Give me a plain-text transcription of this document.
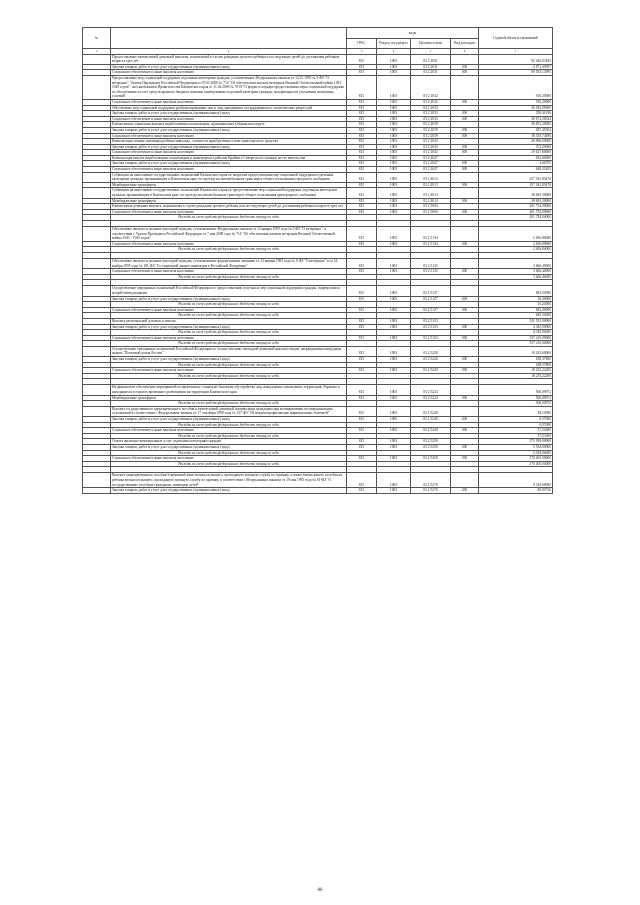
№		коды				Годовой объем ассигнований
		ГРБС	Раздел, под-раздел	Целевая статья	Вид расходов	
1	2	3	4	5	6	7
	Предоставление ежемесячной денежной выплаты, назначаемой в случае рождения третьего ребенка и последующих детей до достижения ребенком возраста трех лет	815	1003	03 2 2031		92 436,03182
	Закупка товаров, работ и услуг для государственных (муниципальных) нужд	815	1003	03 2 2031	200	2 871,49187
	Социальное обеспечение и иные выплаты населению	815	1003	03 2 2031	300	89 565,13995
	Предоставление мер социальной поддержки отдельным категориям граждан, установленных Федеральным законом от 12.01.1995 № 5-ФЗ "О ветеранах", Указом Президента Российской Федерации от 07.05.2008 № 714 "Об обеспечении жильем ветеранов Великой Отечественной войны 1941-1945 годов", постановлением Правительства Камчатского края от 11.02.2009 № 70-П "О форме и порядке предоставления меры социальной поддержки по обеспечению за счет средств краевого бюджета жилыми помещениями отдельной категории граждан, нуждающихся в улучшении жилищных условий"	815	1003	03 2 2032		910,20000
	Социальное обеспечение и иные выплаты населению	815	1003	03 2 2032	300	910,20000
	Обеспечение мер социальной поддержки реабилитированных лиц и лиц, признанных пострадавшими от политических репрессий	815	1003	03 2 2033		20 925,00000
	Закупка товаров, работ и услуг для государственных (муниципальных) нужд	815	1003	03 2 2033	200	250,41656
	Социальное обеспечение и иные выплаты населению	815	1003	03 2 2033	300	20 674,58344
	Ежемесячная социальная выплата неработающим пенсионерам, проживающим в Корякском округе	815	1003	03 2 2039		38 853,20000
	Закупка товаров, работ и услуг для государственных (муниципальных) нужд	815	1003	03 2 2039	200	497,45504
	Социальное обеспечение и иные выплаты населению	815	1003	03 2 2039	300	38 355,74496
	Компенсация семьям, имеющим ребенка-инвалида, стоимости приобретенного ими транспортного средства	815	1003	03 2 2043		40 000,00000
	Закупка товаров, работ и услуг для государственных (муниципальных) нужд	815	1003	03 2 2043	200	372,20000
	Социальное обеспечение и иные выплаты населению	815	1003	03 2 2043	300	39 627,80000
	Компенсация выплат неработающим пенсионерам и инвалидам из районов Крайнего Севера на постоянное место жительства	815	1003	03 2 2047		652,00000
	Закупка товаров, работ и услуг для государственных (муниципальных) нужд	815	1003	03 2 2047	200	2,66795
	Социальное обеспечение и иные выплаты населению	815	1003	03 2 2047	300	649,33205
	Субвенции на выполнение государственных полномочий Камчатского края по вопросам предоставления мер социальной поддержки отдельным категориям граждан, проживающим в Камчатском крае, по проезду на автомобильном транспорте общего пользования городского сообщения	815	1003	03 2 4013		257 341,85476
	Межбюджетные трансферты	815	1003	03 2 4013	500	257 341,85476
	Субвенции на выполнение государственных полномочий Камчатского края по предоставлению мер социальной поддержки отдельным категориям граждан, проживающим в Камчатском крае, по проезду на автомобильном транспорте общего пользования пригородного сообщения	815	1003	03 2 4014		38 693,30000
	Межбюджетные трансферты	815	1003	03 2 4014	500	38 693,30000
	Ежемесячная денежная выплата, назначаемая в случае рождения третьего ребенка или последующих детей до достижения ребенком возраста трех лет	815	1003	03 2 5084		201 754,00000
	Социальное обеспечение и иные выплаты населению	815	1003	03 2 5084	300	201 754,00000
	Расходы за счет средств федерального бюджета текущего года					201 754,00000

	Обеспечение жильем отдельных категорий граждан, установленных Федеральным законом от 12 января 1995 года № 5-ФЗ "О ветеранах", в соответствии с Указом Президента Российской Федерации от 7 мая 2008 года № 714 "Об обеспечении жильем ветеранов Великой Отечественной войны 1941 - 1945 годов"	815	1003	03 2 5134		2 656,80000
	Социальное обеспечение и иные выплаты населению	815	1003	03 2 5134	300	2 656,80000
	Расходы за счет средств федерального бюджета текущего года					2 656,80000

	Обеспечение жильем отдельных категорий граждан, установленных федеральными законами от 12 января 1995 года № 5-ФЗ "О ветеранах" и от 24 ноября 1995 года № 181-ФЗ "О социальной защите инвалидов в Российской Федерации"	815	1003	03 2 5135		3 666,40000
	Социальное обеспечение и иные выплаты населению	815	1003	03 2 5135	300	3 666,40000
	Расходы за счет средств федерального бюджета текущего года					3 666,40000

	Осуществление переданных полномочий Российской Федерации по предоставлению отдельных мер социальной поддержки граждан, подвергшихся воздействию радиации	815	1003	03 2 5137		693,50000
	Закупка товаров, работ и услуг для государственных (муниципальных) нужд	815	1003	03 2 5137	200	10,20000
	Расходы за счет средств федерального бюджета текущего года					10,20000
	Социальное обеспечение и иные выплаты населению	815	1003	03 2 5137	300	683,30000
	Расходы за счет средств федерального бюджета текущего года					683,30000
	Выплата региональной доплаты к пенсии	815	1003	03 2 5153		541 555,90000
	Закупка товаров, работ и услуг для государственных (муниципальных) нужд	815	1003	03 2 5153	200	4 345,90000
	Расходы за счет средств федерального бюджета текущего года					4 345,90000
	Социальное обеспечение и иные выплаты населению	815	1003	03 2 5153	300	537 210,00000
	Расходы за счет средств федерального бюджета текущего года					537 210,00000
	Осуществление переданных полномочий Российской Федерации по осуществлению ежегодной денежной выплаты лицам, награжденным нагрудным знаком "Почетный донор России"	815	1003	03 2 5220		18 423,60000
	Закупка товаров, работ и услуг для государственных (муниципальных) нужд	815	1003	03 2 5220	200	188,37800
	Расходы за счет средств федерального бюджета текущего года					188,37800
	Социальное обеспечение и иные выплаты населению	815	1003	03 2 5220	300	18 235,22200
	Расходы за счет средств федерального бюджета текущего года					18 235,22200

	На финансовое обеспечение мероприятий по временному социально-бытовому обустройству лиц, вынужденно покинувших территорию Украины и находящихся в пунктах временного размещения на территории Камчатского края	815	1003	03 2 5224		506,09972
	Межбюджетные трансферты	815	1003	03 2 5224	500	506,09972
	Расходы за счет средств федерального бюджета текущего года					506,09972
	Выплата государственного единовременного пособия и ежемесячной денежной компенсации гражданам при возникновении поствакцинальных осложнений в соответствии с Федеральным законом от 17 сентября 1998 года № 157-ФЗ "Об иммунопрофилактике инфекционных болезней"	815	1003	03 2 5240		38,10000
	Закупка товаров, работ и услуг для государственных (муниципальных) нужд	815	1003	03 2 5240	200	0,57000
	Расходы за счет средств федерального бюджета текущего года					0,57000
	Социальное обеспечение и иные выплаты населению	815	1003	03 2 5240	300	37,53000
	Расходы за счет средств федерального бюджета текущего года					37,53000
	Оплата жилищно-коммунальных услуг отдельным категориям граждан	815	1003	03 2 5250		375 959,00000
	Закупка товаров, работ и услуг для государственных (муниципальных) нужд	815	1003	03 2 5250	200	5 554,00000
	Расходы за счет средств федерального бюджета текущего года					5 554,00000
	Социальное обеспечение и иные выплаты населению	815	1003	03 2 5250	300	370 405,00000
	Расходы за счет средств федерального бюджета текущего года					370 405,00000

	Выплата единовременного пособия беременной жене военнослужащего, проходящего военную службу по призыву, а также ежемесячного пособия на ребенка военнослужащего, проходящего военную службу по призыву, в соответствии с Федеральным законом от 19 мая 1995 года № 81-ФЗ "О государственных пособиях гражданам, имеющим детей"	815	1003	03 2 5270		9 316,60000
	Закупка товаров, работ и услуг для государственных (муниципальных) нужд	815	1003	03 2 5270	200	80,00720
80
